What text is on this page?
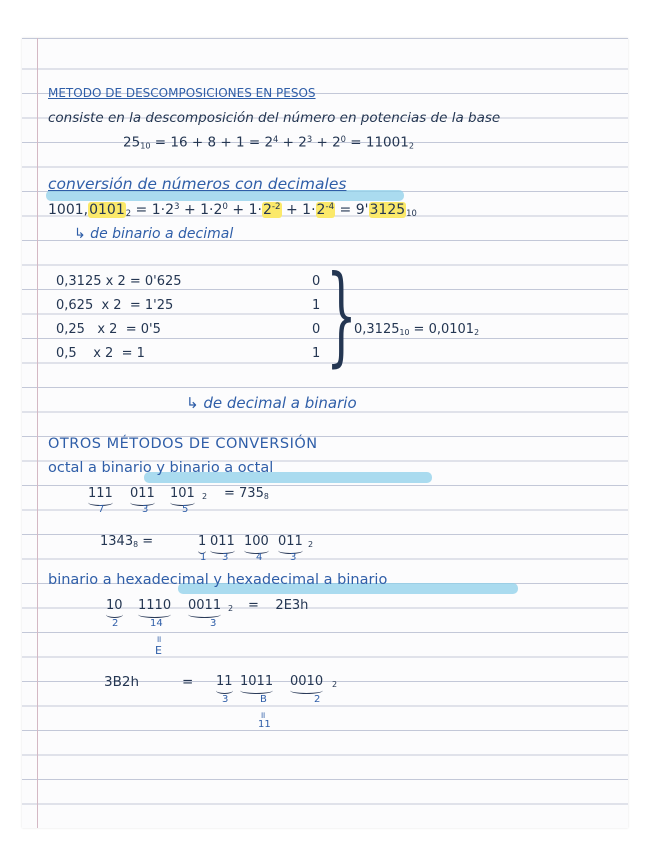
METODO DE DESCOMPOSICIONES EN PESOS
consiste en la descomposición del número en potencias de la base
$25_{10} = 16 + 8 + 1 = 2^4 + 2^3 + 2^0 = 11001_2$
conversión de números con decimales
$1001,0101_2 = 1\cdot 2^3 + 1\cdot 2^0 + 1\cdot 2^{-2} + 1\cdot 2^{-4} = 9'3125_{10}$
↳ de binario a decimal
0,3125 x 2 = 0'625	0
0,625  x 2  = 1'25	1
0,25   x 2  = 0'5	0
0,5    x 2  = 1	1 }
$0,3125_{10} = 0,0101_2$
↳ de decimal a binario
OTROS MÉTODOS DE CONVERSIÓN
octal a binario y binario a octal
111 011 101 $2 = 735_8$
7	3	5
$1343_8$ =	1 011 100 011 2
1 3	4	3
binario a hexadecimal y hexadecimal a binario
10 1110 0011 2 =    2E3h
2	14	3
॥
E
3B2h	= 11 1011 0010 2
3	B	2
॥
11
